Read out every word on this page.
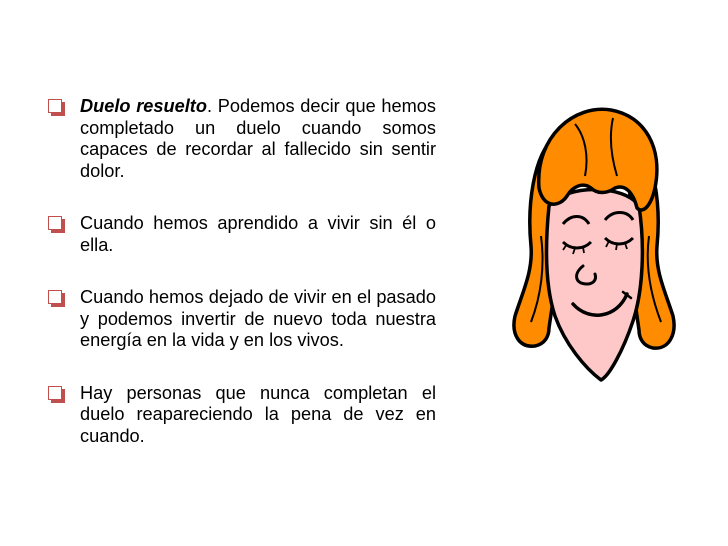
Duelo resuelto. Podemos decir que hemos completado un duelo cuando somos capaces de recordar al fallecido sin sentir dolor.
Cuando hemos aprendido a vivir sin él o ella.
Cuando hemos dejado de vivir en el pasado y podemos invertir de nuevo toda nuestra energía en la vida y en los vivos.
Hay personas que nunca completan el duelo reapareciendo la pena de vez en cuando.
